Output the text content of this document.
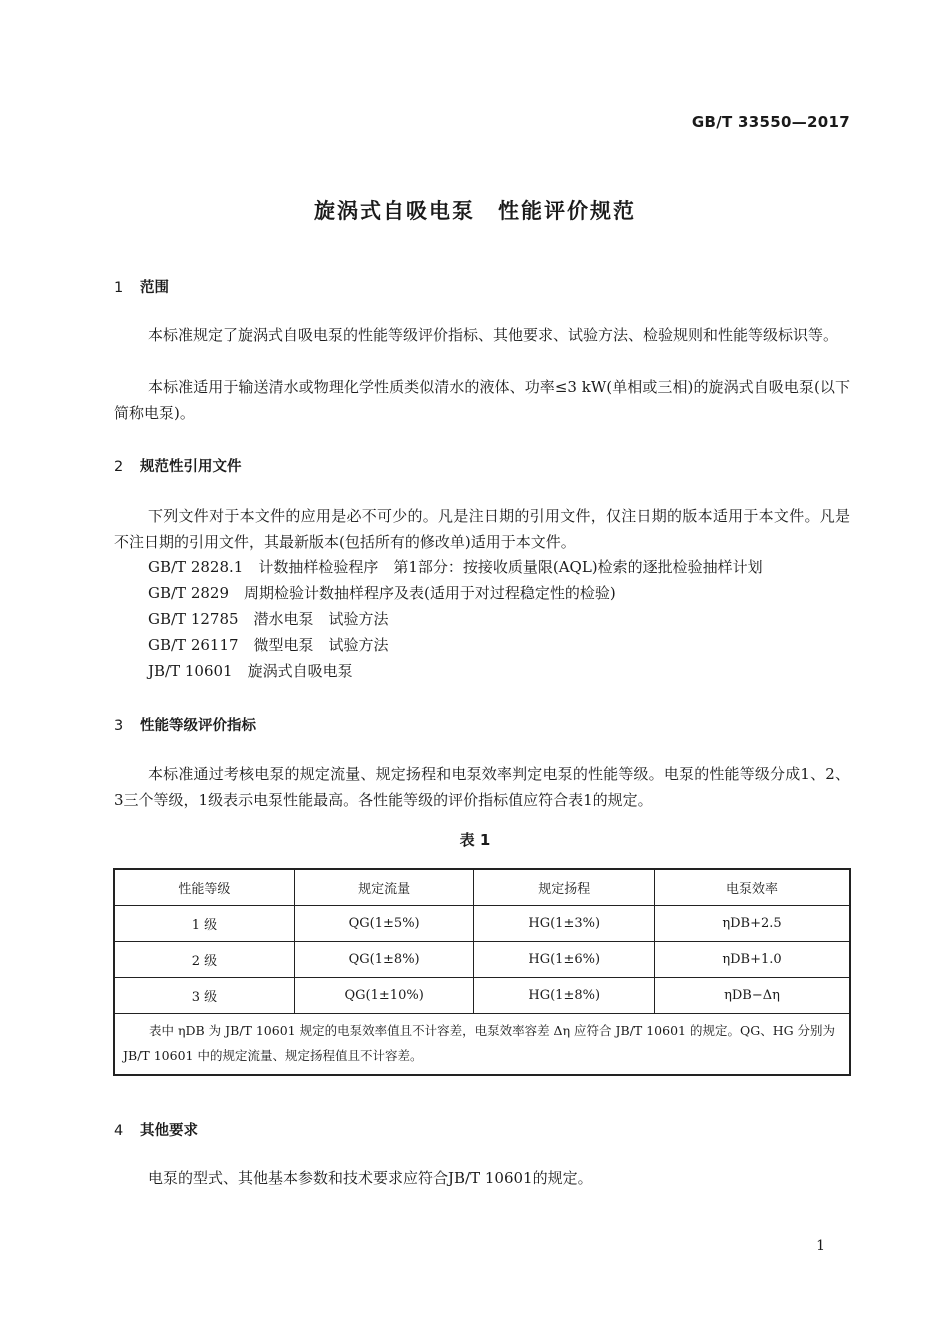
GB/T 33550—2017
旋涡式自吸电泵　性能评价规范
1 范围

本标准规定了旋涡式自吸电泵的性能等级评价指标、其他要求、试验方法、检验规则和性能等级标识等。

本标准适用于输送清水或物理化学性质类似清水的液体、功率≤3 kW(单相或三相)的旋涡式自吸电泵(以下简称电泵)。

2 规范性引用文件

下列文件对于本文件的应用是必不可少的。凡是注日期的引用文件，仅注日期的版本适用于本文件。凡是不注日期的引用文件，其最新版本(包括所有的修改单)适用于本文件。

GB/T 2828.1　计数抽样检验程序　第1部分：按接收质量限(AQL)检索的逐批检验抽样计划
GB/T 2829　周期检验计数抽样程序及表(适用于对过程稳定性的检验)
GB/T 12785　潜水电泵　试验方法
GB/T 26117　微型电泵　试验方法
JB/T 10601　旋涡式自吸电泵
3 性能等级评价指标

本标准通过考核电泵的规定流量、规定扬程和电泵效率判定电泵的性能等级。电泵的性能等级分成1、2、3三个等级，1级表示电泵性能最高。各性能等级的评价指标值应符合表1的规定。

表 1
性能等级	规定流量	规定扬程	电泵效率
1 级	QG(1±5%)	HG(1±3%)	ηDB+2.5
2 级	QG(1±8%)	HG(1±6%)	ηDB+1.0
3 级	QG(1±10%)	HG(1±8%)	ηDB−Δη
表中 ηDB 为 JB/T 10601 规定的电泵效率值且不计容差，电泵效率容差 Δη 应符合 JB/T 10601 的规定。QG、HG 分别为 JB/T 10601 中的规定流量、规定扬程值且不计容差。			
4 其他要求

电泵的型式、其他基本参数和技术要求应符合JB/T 10601的规定。

1
